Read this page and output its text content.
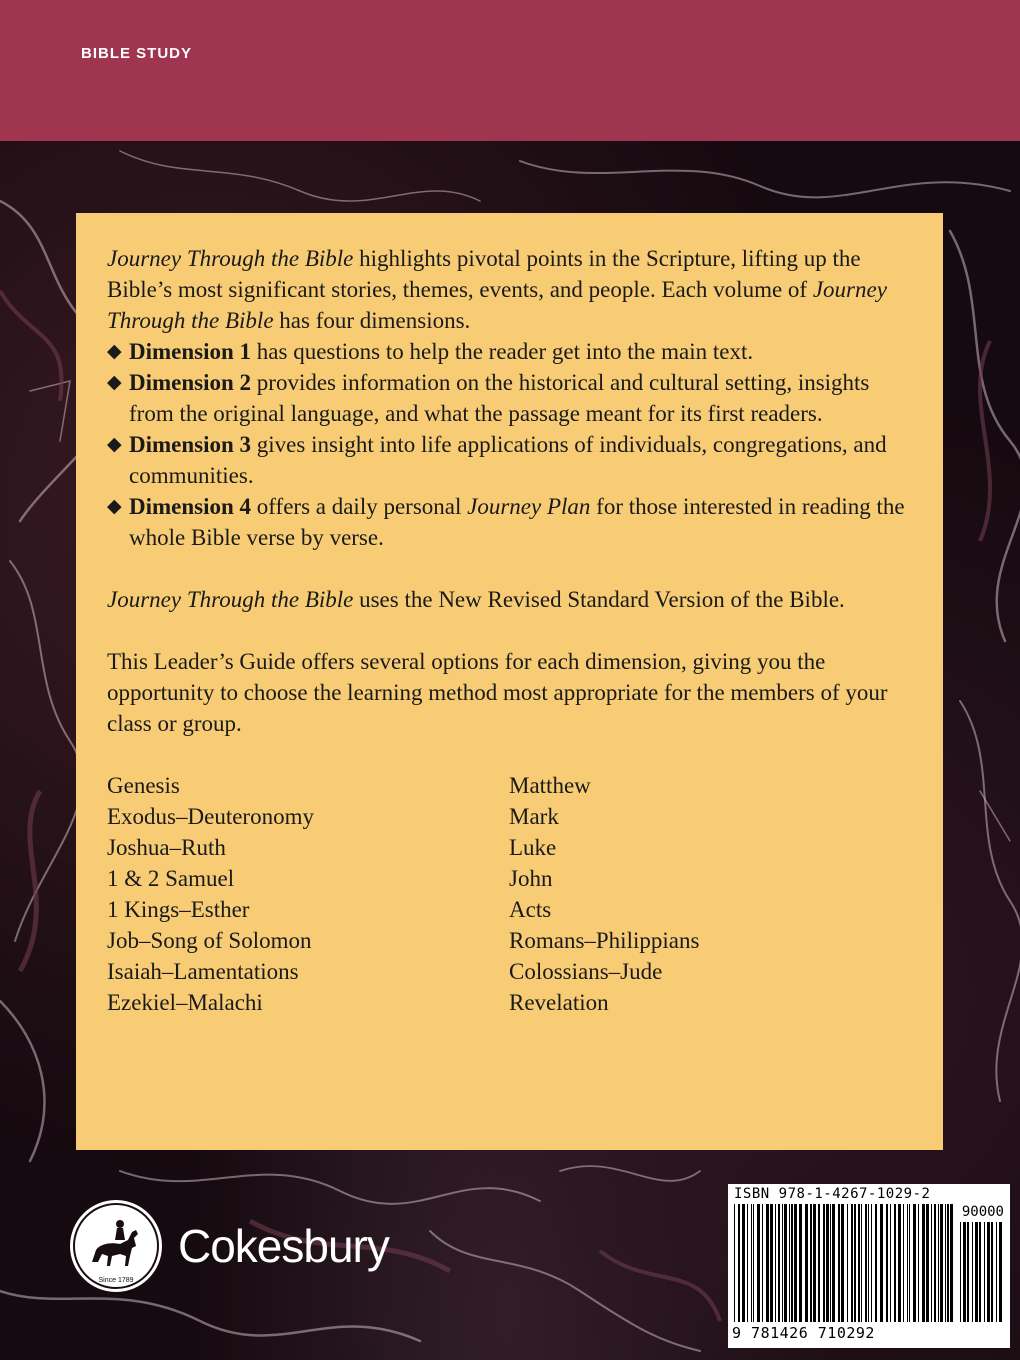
BIBLE STUDY

Journey Through the Bible highlights pivotal points in the Scripture, lifting up the Bible’s most significant stories, themes, events, and people. Each volume of Journey Through the Bible has four dimensions.

◆ Dimension 1 has questions to help the reader get into the main text.
◆ Dimension 2 provides information on the historical and cultural setting, insights from the original language, and what the passage meant for its first readers.
◆ Dimension 3 gives insight into life applications of individuals, congregations, and communities.
◆ Dimension 4 offers a daily personal Journey Plan for those interested in reading the whole Bible verse by verse.

Journey Through the Bible uses the New Revised Standard Version of the Bible.

This Leader’s Guide offers several options for each dimension, giving you the opportunity to choose the learning method most appropriate for the members of your class or group.

Genesis
Exodus–Deuteronomy
Joshua–Ruth
1 & 2 Samuel
1 Kings–Esther
Job–Song of Solomon
Isaiah–Lamentations
Ezekiel–Malachi
Matthew
Mark
Luke
John
Acts
Romans–Philippians
Colossians–Jude
Revelation
Since 1789
Cokesbury
ISBN 978-1-4267-1029-2
90000
9 781426 710292
